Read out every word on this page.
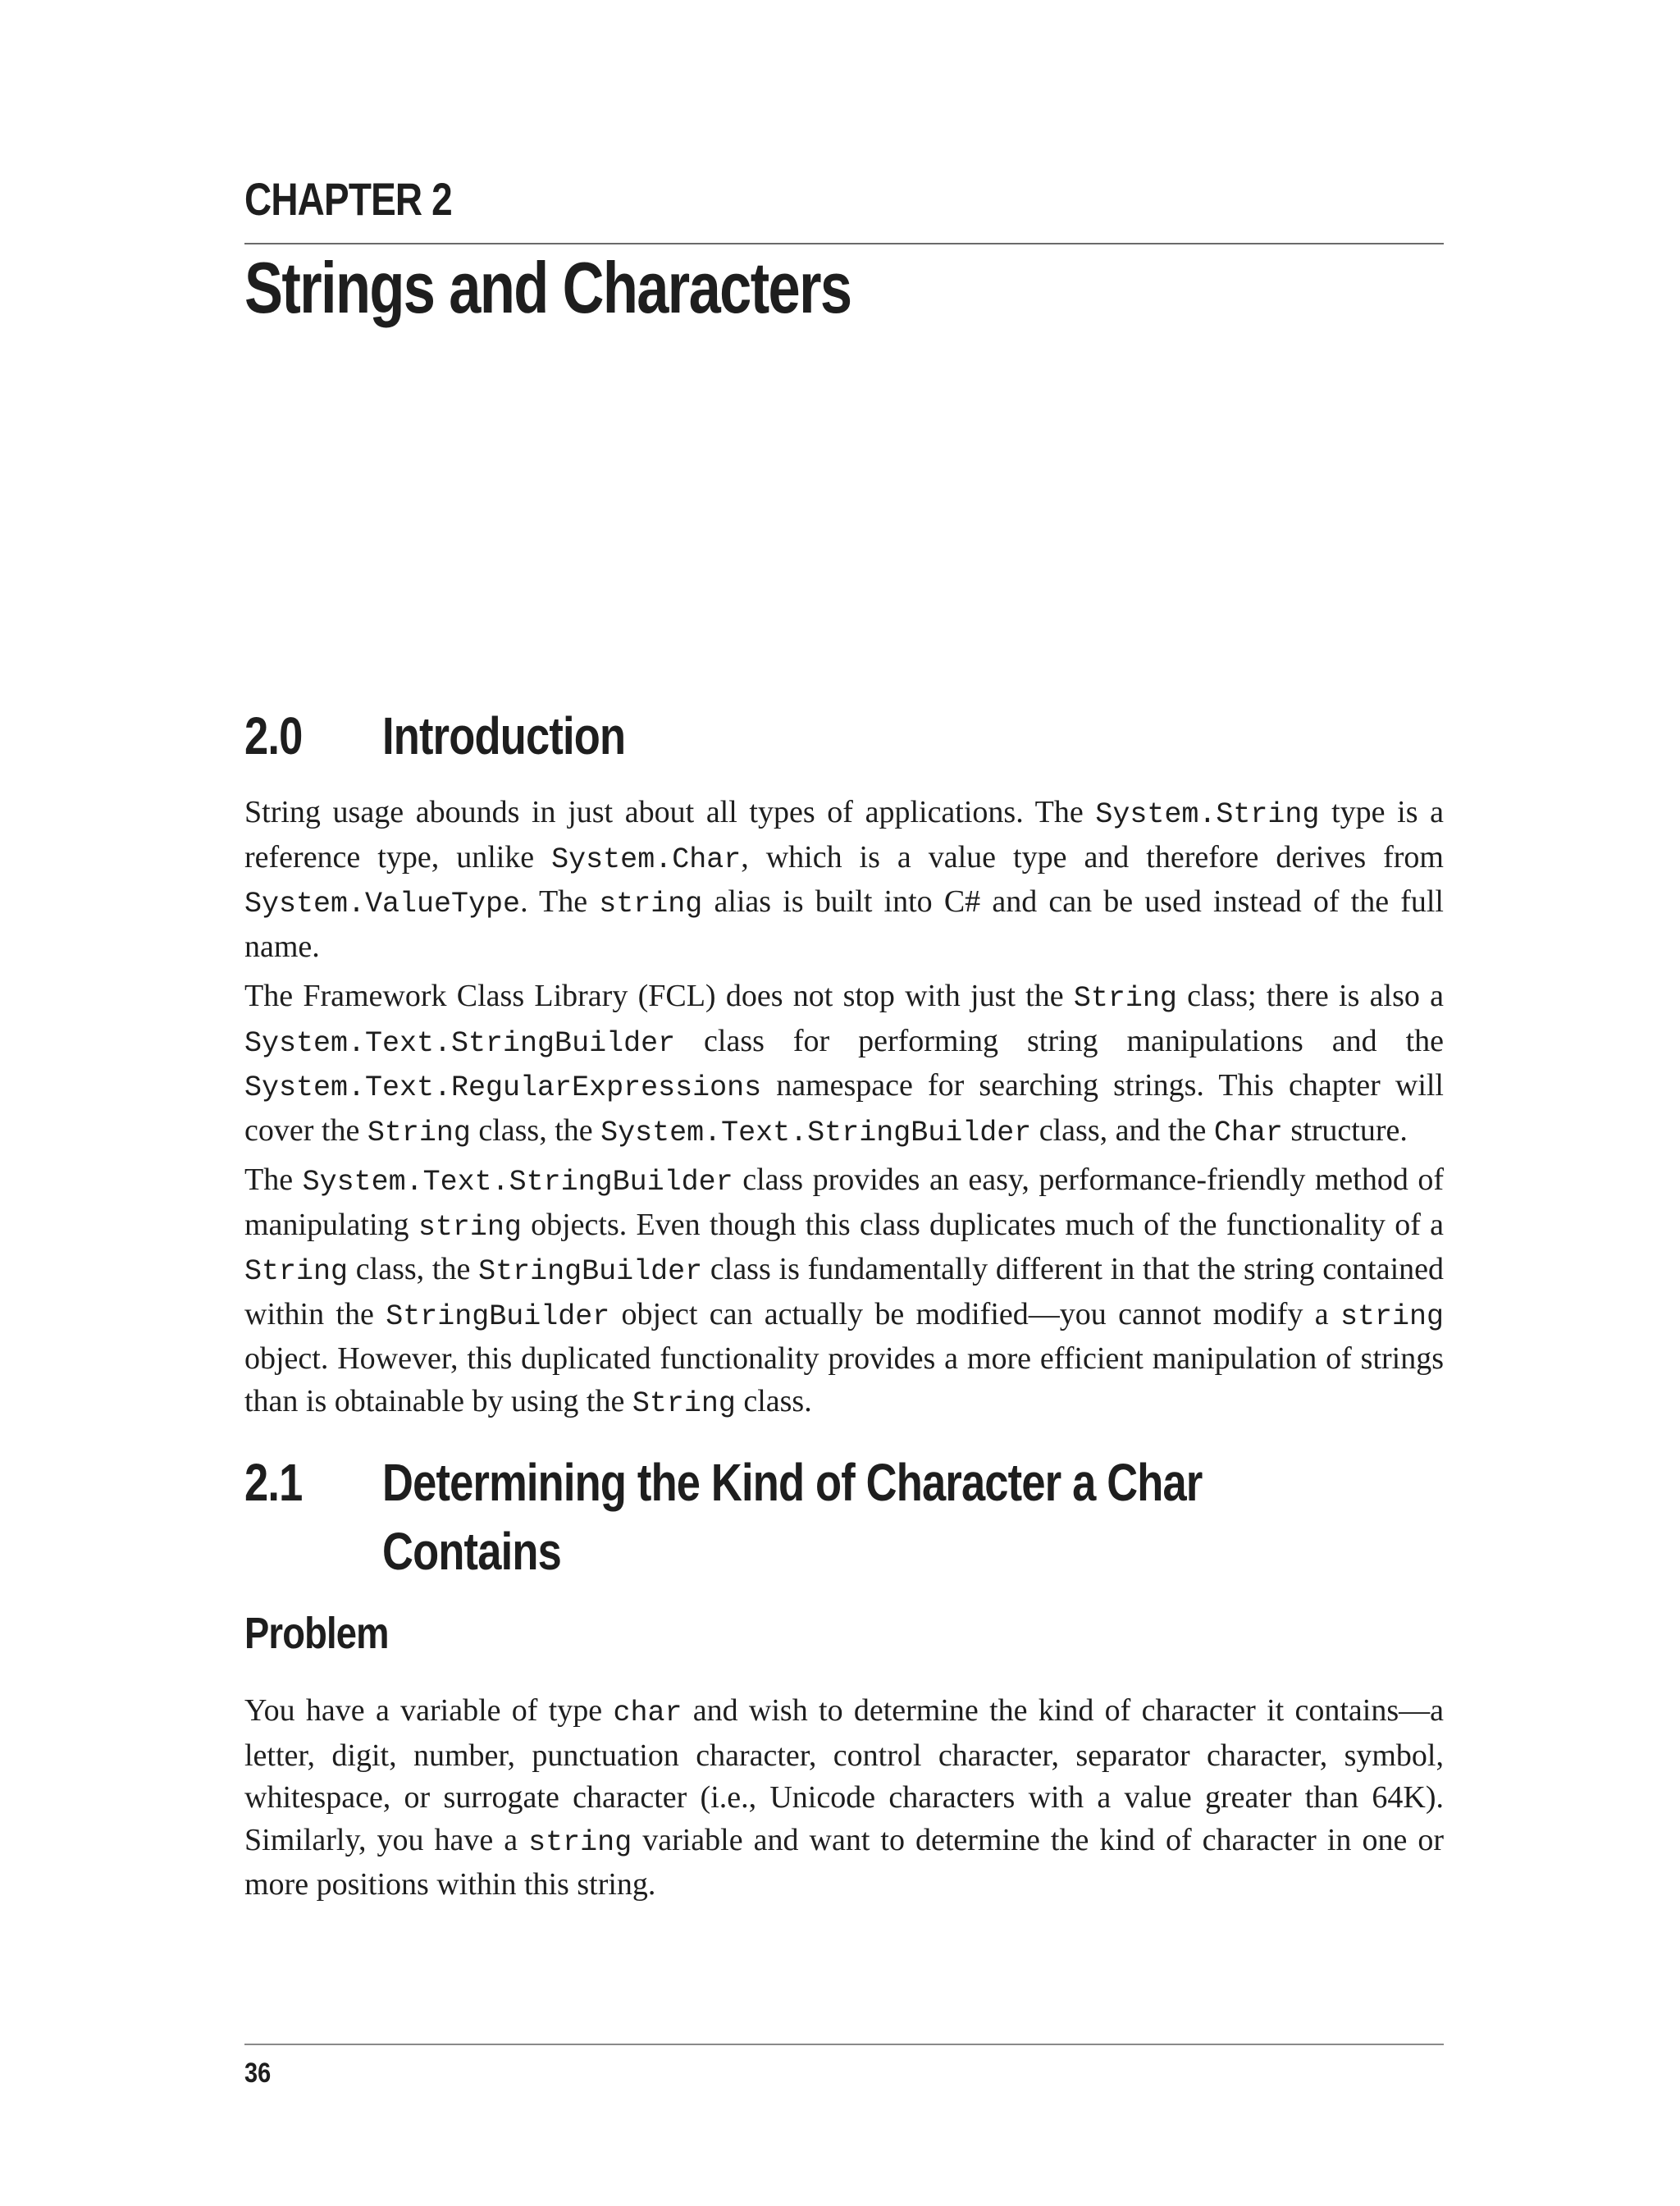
CHAPTER 2
Strings and Characters
2.0 Introduction

String usage abounds in just about all types of applications. The System.String type is a reference type, unlike System.Char, which is a value type and therefore derives from System.ValueType. The string alias is built into C# and can be used instead of the full name.

The Framework Class Library (FCL) does not stop with just the String class; there is also a System.Text.StringBuilder class for performing string manipulations and the System.Text.RegularExpressions namespace for searching strings. This chapter will cover the String class, the System.Text.StringBuilder class, and the Char structure.

The System.Text.StringBuilder class provides an easy, performance-friendly method of manipulating string objects. Even though this class duplicates much of the functionality of a String class, the StringBuilder class is fundamentally different in that the string contained within the StringBuilder object can actually be modified—you cannot modify a string object. However, this duplicated functionality provides a more efficient manipulation of strings than is obtainable by using the String class.

2.1 Determining the Kind of Character a Char
Contains
Problem

You have a variable of type char and wish to determine the kind of character it contains—a letter, digit, number, punctuation character, control character, separator character, symbol, whitespace, or surrogate character (i.e., Unicode characters with a value greater than 64K). Similarly, you have a string variable and want to determine the kind of character in one or more positions within this string.

36
